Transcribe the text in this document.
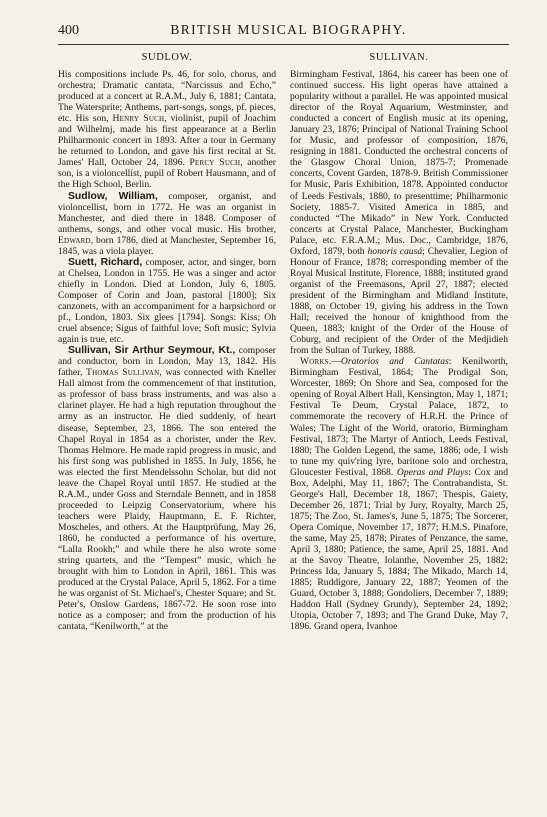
400	BRITISH MUSICAL BIOGRAPHY.
SUDLOW.

His compositions include Ps. 46, for solo, chorus, and orchestra; Dramatic cantata, “Narcissus and Echo,” produced at a concert at R.A.M., July 6, 1881; Cantata, The Waterspríte; Anthems, part-songs, songs, pf. pieces, etc. His son, Henry Such, violinist, pupil of Joachim and Wilhelmj, made his first appearance at a Berlin Philharmonic concert in 1893. After a tour in Germany he returned to London, and gave his first recital at St. James' Hall, October 24, 1896. Percy Such, another son, is a violoncellist, pupil of Robert Hausmann, and of the High School, Berlin.

Sudlow, William, composer, organist, and violoncellist, born in 1772. He was an organist in Manchester, and died there in 1848. Composer of anthems, songs, and other vocal music. His brother, Edward, born 1786, died at Manchester, September 16, 1845, was a viola player.

Suett, Richard, composer, actor, and singer, born at Chelsea, London in 1755. He was a singer and actor chiefly in London. Died at London, July 6, 1805. Composer of Corin and Joan, pastoral [1800]; Six canzonets, with an accompaniment for a harpsichord or pf., London, 1803. Six glees [1794]. Songs: Kiss; Oh cruel absence; Sigus of faithful love; Soft music; Sylvia again is true, etc.

Sullivan, Sir Arthur Seymour, Kt., composer and conductor, born in London, May 13, 1842. His father, Thomas Sullivan, was connected with Kneller Hall almost from the commencement of that institution, as professor of bass brass instruments, and was also a clarinet player. He had a high reputation throughout the army as an instructor. He died suddenly, of heart disease, September, 23, 1866. The son entered the Chapel Royal in 1854 as a chorister, under the Rev. Thomas Helmore. He made rapid progress in music, and his first song was published in 1855. In July, 1856, he was elected the first Mendelssohn Scholar, but did not leave the Chapel Royal until 1857. He studied at the R.A.M., under Goss and Sterndale Bennett, and in 1858 proceeded to Leipzig Conservatorium, where his teachers were Plaidy, Hauptmann, E. F. Richter, Moscheles, and others. At the Hauptprüfung, May 26, 1860, he conducted a performance of his overture, “Lalla Rookh;” and while there he also wrote some string quartets, and the “Tempest” music, which he brought with him to London in April, 1861. This was produced at the Crystal Palace, April 5, 1862. For a time he was organist of St. Michael's, Chester Square; and St. Peter's, Onslow Gardens, 1867-72. He soon rose into notice as a composer; and from the production of his cantata, “Kenilworth,” at the

SULLIVAN.

Birmingham Festival, 1864, his career has been one of continued success. His light operas have attained a popularity without a parallel. He was appointed musical director of the Royal Aquarium, Westminster, and conducted a concert of English music at its opening, January 23, 1876; Principal of National Training School for Music, and professor of composition, 1876, resigning in 1881. Conducted the orchestral concerts of the Glasgow Choral Union, 1875-7; Promenade concerts, Covent Garden, 1878-9. British Commissioner for Music, Paris Exhibition, 1878. Appointed conductor of Leeds Festivals, 1880, to presenttime; Philharmonic Society, 1885-7. Visited America in 1885, and conducted “The Mikado” in New York. Conducted concerts at Crystal Palace, Manchester, Buckingham Palace, etc. F.R.A.M.; Mus. Doc., Cambridge, 1876, Oxford, 1879, both honoris causá; Chevalier, Legion of Honour of France, 1878; corresponding member of the Royal Musical Institute, Florence, 1888; instituted grand organist of the Freemasons, April 27, 1887; elected president of the Birmingham and Midland Institute, 1888, on October 19, giving his address in the Town Hall; received the honour of knighthood from the Queen, 1883; knight of the Order of the House of Coburg, and recipient of the Order of the Medjidieh from the Sultan of Turkey, 1888.

Works.—Oratorios and Cantatas: Kenilworth, Birmingham Festival, 1864; The Prodigal Son, Worcester, 1869; On Shore and Sea, composed for the opening of Royal Albert Hall, Kensington, May 1, 1871; Festival Te Deum, Crystal Palace, 1872, to commemorate the recovery of H.R.H. the Prince of Wales; The Light of the World, oratorio, Birmingham Festival, 1873; The Martyr of Antioch, Leeds Festival, 1880; The Golden Legend, the same, 1886; ode, I wish to tune my quiv'ring lyre, baritone solo and orchestra, Gloucester Festival, 1868. Operas and Plays: Cox and Box, Adelphi, May 11, 1867; The Contrabandista, St. George's Hall, December 18, 1867; Thespis, Gaiety, December 26, 1871; Trial by Jury, Royalty, March 25, 1875; The Zoo, St. James's, June 5, 1875; The Sorcerer, Opera Comique, November 17, 1877; H.M.S. Pinafore, the same, May 25, 1878; Pirates of Penzance, the same, April 3, 1880; Patience, the same, April 25, 1881. And at the Savoy Theatre, Iolanthe, November 25, 1882; Princess Ida, January 5, 1884; The Mikado, March 14, 1885; Ruddigore, January 22, 1887; Yeomen of the Guard, October 3, 1888; Gondoliers, December 7, 1889; Haddon Hall (Sydney Grundy), September 24, 1892; Utopia, October 7, 1893; and The Grand Duke, May 7, 1896. Grand opera, Ivanhoe
